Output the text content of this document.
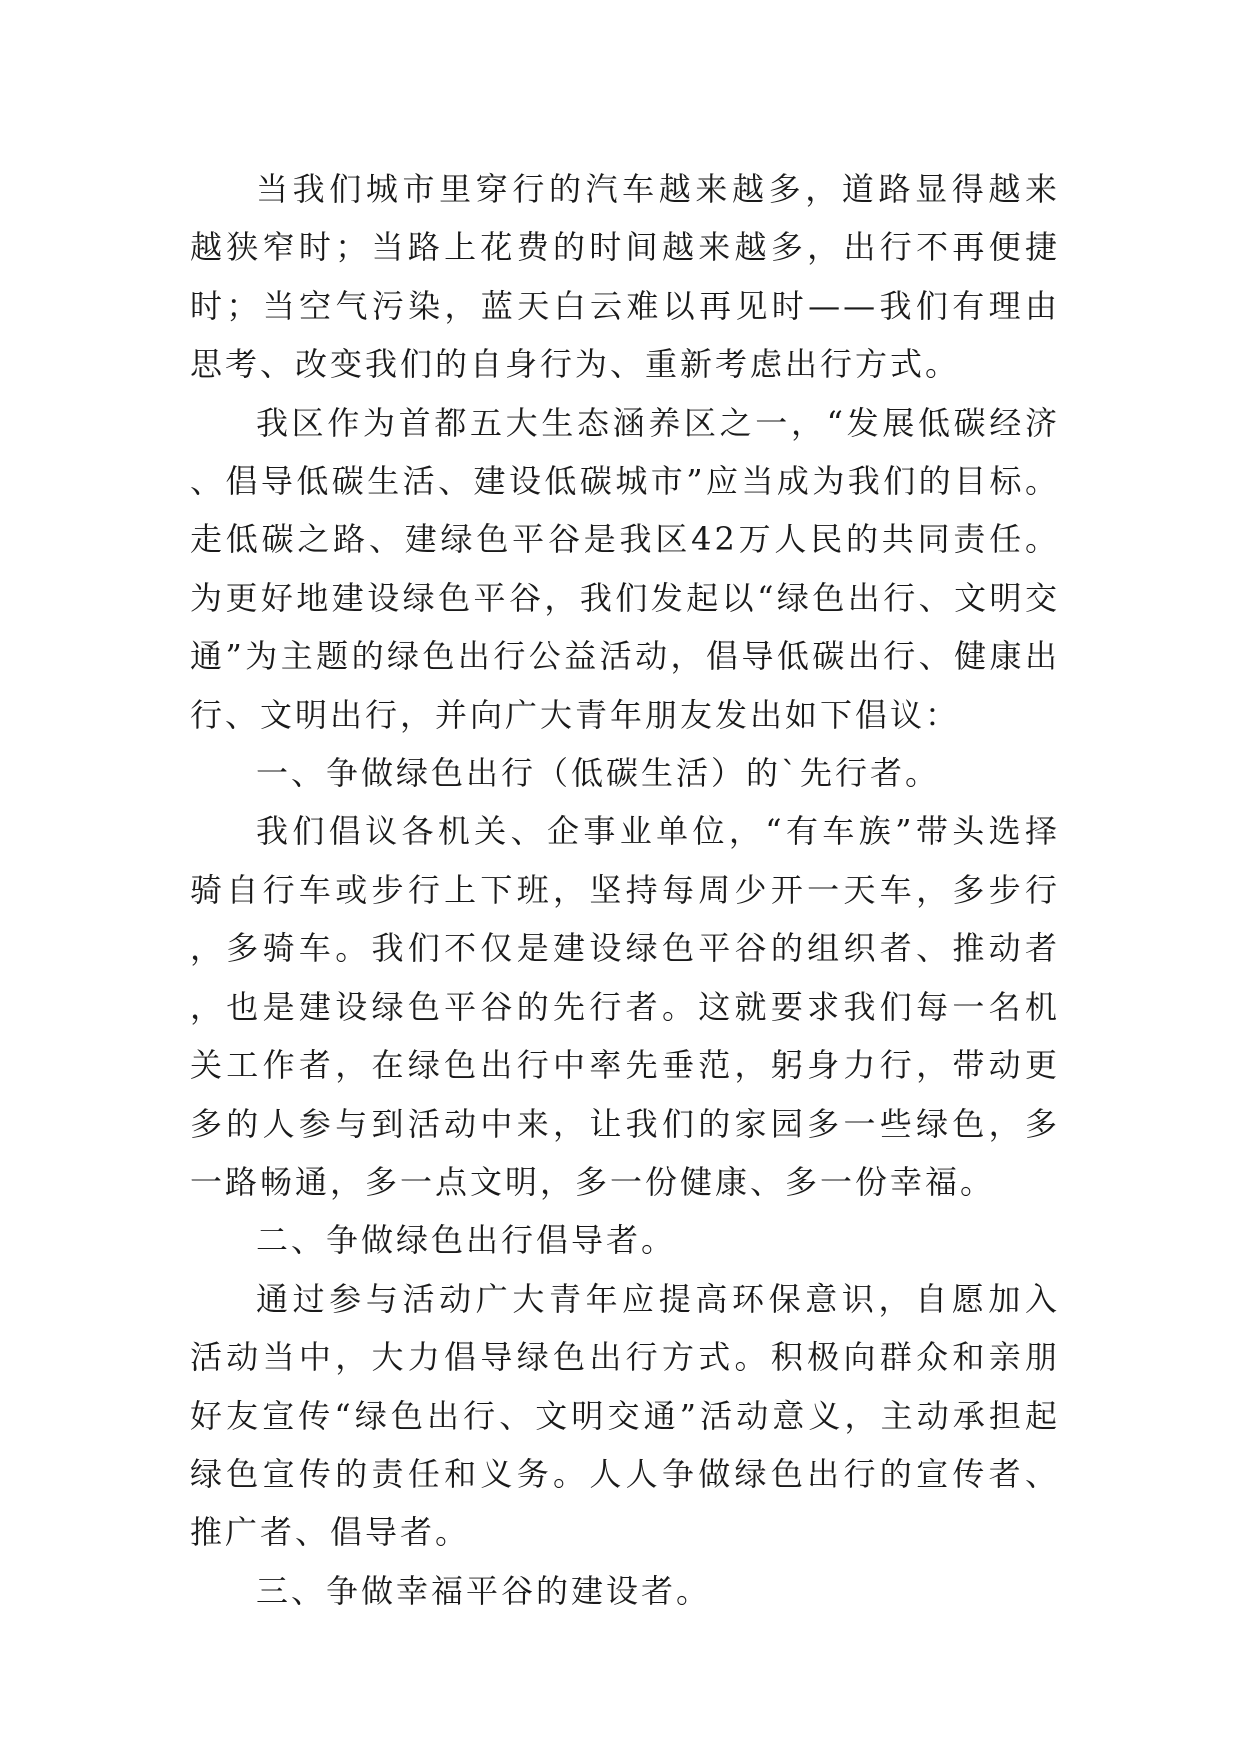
当我们城市里穿行的汽车越来越多，道路显得越来越狭窄时；当路上花费的时间越来越多，出行不再便捷时；当空气污染，蓝天白云难以再见时——我们有理由思考、改变我们的自身行为、重新考虑出行方式。

我区作为首都五大生态涵养区之一，“发展低碳经济、倡导低碳生活、建设低碳城市”应当成为我们的目标。走低碳之路、建绿色平谷是我区42万人民的共同责任。为更好地建设绿色平谷，我们发起以“绿色出行、文明交通”为主题的绿色出行公益活动，倡导低碳出行、健康出行、文明出行，并向广大青年朋友发出如下倡议：

一、争做绿色出行（低碳生活）的`先行者。

我们倡议各机关、企事业单位，“有车族”带头选择骑自行车或步行上下班，坚持每周少开一天车，多步行，多骑车。我们不仅是建设绿色平谷的组织者、推动者，也是建设绿色平谷的先行者。这就要求我们每一名机关工作者，在绿色出行中率先垂范，躬身力行，带动更多的人参与到活动中来，让我们的家园多一些绿色，多一路畅通，多一点文明，多一份健康、多一份幸福。

二、争做绿色出行倡导者。

通过参与活动广大青年应提高环保意识，自愿加入活动当中，大力倡导绿色出行方式。积极向群众和亲朋好友宣传“绿色出行、文明交通”活动意义，主动承担起绿色宣传的责任和义务。人人争做绿色出行的宣传者、推广者、倡导者。

三、争做幸福平谷的建设者。
